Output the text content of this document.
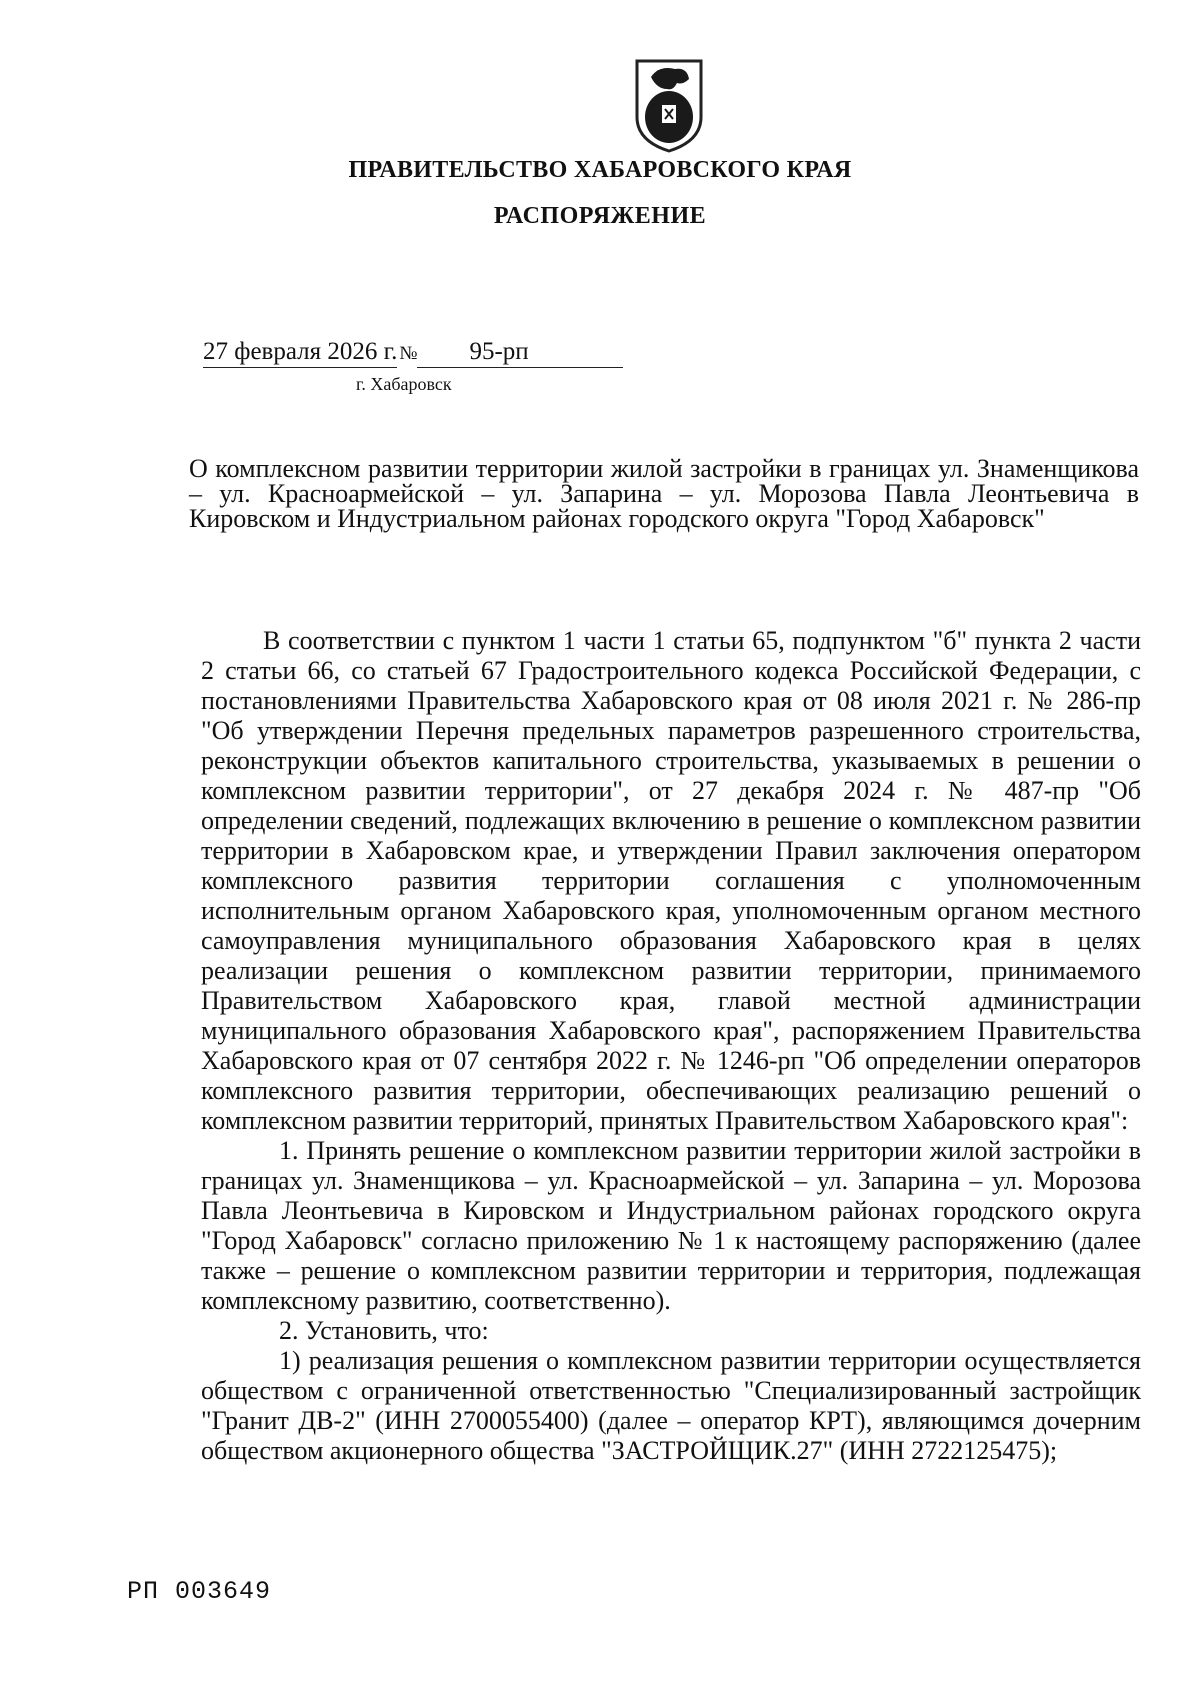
ПРАВИТЕЛЬСТВО ХАБАРОВСКОГО КРАЯ
РАСПОРЯЖЕНИЕ
27 февраля 2026 г. № 95-рп
г. Хабаровск
О комплексном развитии территории жилой застройки в границах ул. Знаменщикова – ул. Красноармейской – ул. Запарина – ул. Морозова Павла Леонтьевича в Кировском и Индустриальном районах городского округа "Город Хабаровск"

В соответствии с пунктом 1 части 1 статьи 65, подпунктом "б" пункта 2 части 2 статьи 66, со статьей 67 Градостроительного кодекса Российской Федерации, с постановлениями Правительства Хабаровского края от 08 июля 2021 г. № 286-пр "Об утверждении Перечня предельных параметров разрешенного строительства, реконструкции объектов капитального строительства, указываемых в решении о комплексном развитии территории", от 27 декабря 2024 г. № 487-пр "Об определении сведений, подлежащих включению в решение о комплексном развитии территории в Хабаровском крае, и утверждении Правил заключения оператором комплексного развития территории соглашения с уполномоченным исполнительным органом Хабаровского края, уполномоченным органом местного самоуправления муниципального образования Хабаровского края в целях реализации решения о комплексном развитии территории, принимаемого Правительством Хабаровского края, главой местной администрации муниципального образования Хабаровского края", распоряжением Правительства Хабаровского края от 07 сентября 2022 г. № 1246-рп "Об определении операторов комплексного развития территории, обеспечивающих реализацию решений о комплексном развитии территорий, принятых Правительством Хабаровского края":

1. Принять решение о комплексном развитии территории жилой застройки в границах ул. Знаменщикова – ул. Красноармейской – ул. Запарина – ул. Морозова Павла Леонтьевича в Кировском и Индустриальном районах городского округа "Город Хабаровск" согласно приложению № 1 к настоящему распоряжению (далее также – решение о комплексном развитии территории и территория, подлежащая комплексному развитию, соответственно).

2. Установить, что:

1) реализация решения о комплексном развитии территории осуществляется обществом с ограниченной ответственностью "Специализированный застройщик "Гранит ДВ-2" (ИНН 2700055400) (далее – оператор КРТ), являющимся дочерним обществом акционерного общества "ЗАСТРОЙЩИК.27" (ИНН 2722125475);

РП 003649
